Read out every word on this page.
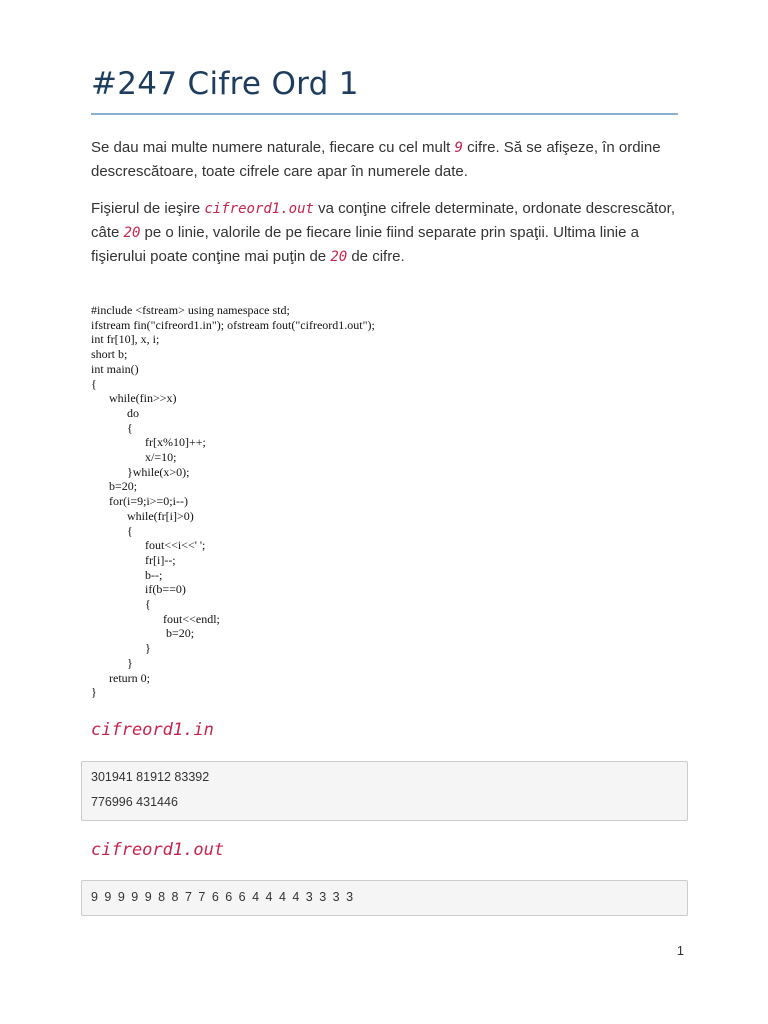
#247 Cifre Ord 1

Se dau mai multe numere naturale, fiecare cu cel mult 9 cifre. Să se afişeze, în ordine descrescătoare, toate cifrele care apar în numerele date.

Fişierul de ieşire cifreord1.out va conţine cifrele determinate, ordonate descrescător, câte 20 pe o linie, valorile de pe fiecare linie fiind separate prin spaţii. Ultima linie a fişierului poate conţine mai puţin de 20 de cifre.

#include <fstream> using namespace std;
ifstream fin("cifreord1.in"); ofstream fout("cifreord1.out");
int fr[10], x, i;
short b;
int main()
{
while(fin>>x)
do
{
fr[x%10]++;
x/=10;
}while(x>0);
b=20;
for(i=9;i>=0;i--)
while(fr[i]>0)
{
fout<<i<<' ';
fr[i]--;
b--;
if(b==0)
{
fout<<endl;
b=20;
}
}
return 0;
}
cifreord1.in
301941 81912 83392
776996 431446
cifreord1.out
9 9 9 9 9 8 8 7 7 6 6 6 4 4 4 4 3 3 3 3
1
